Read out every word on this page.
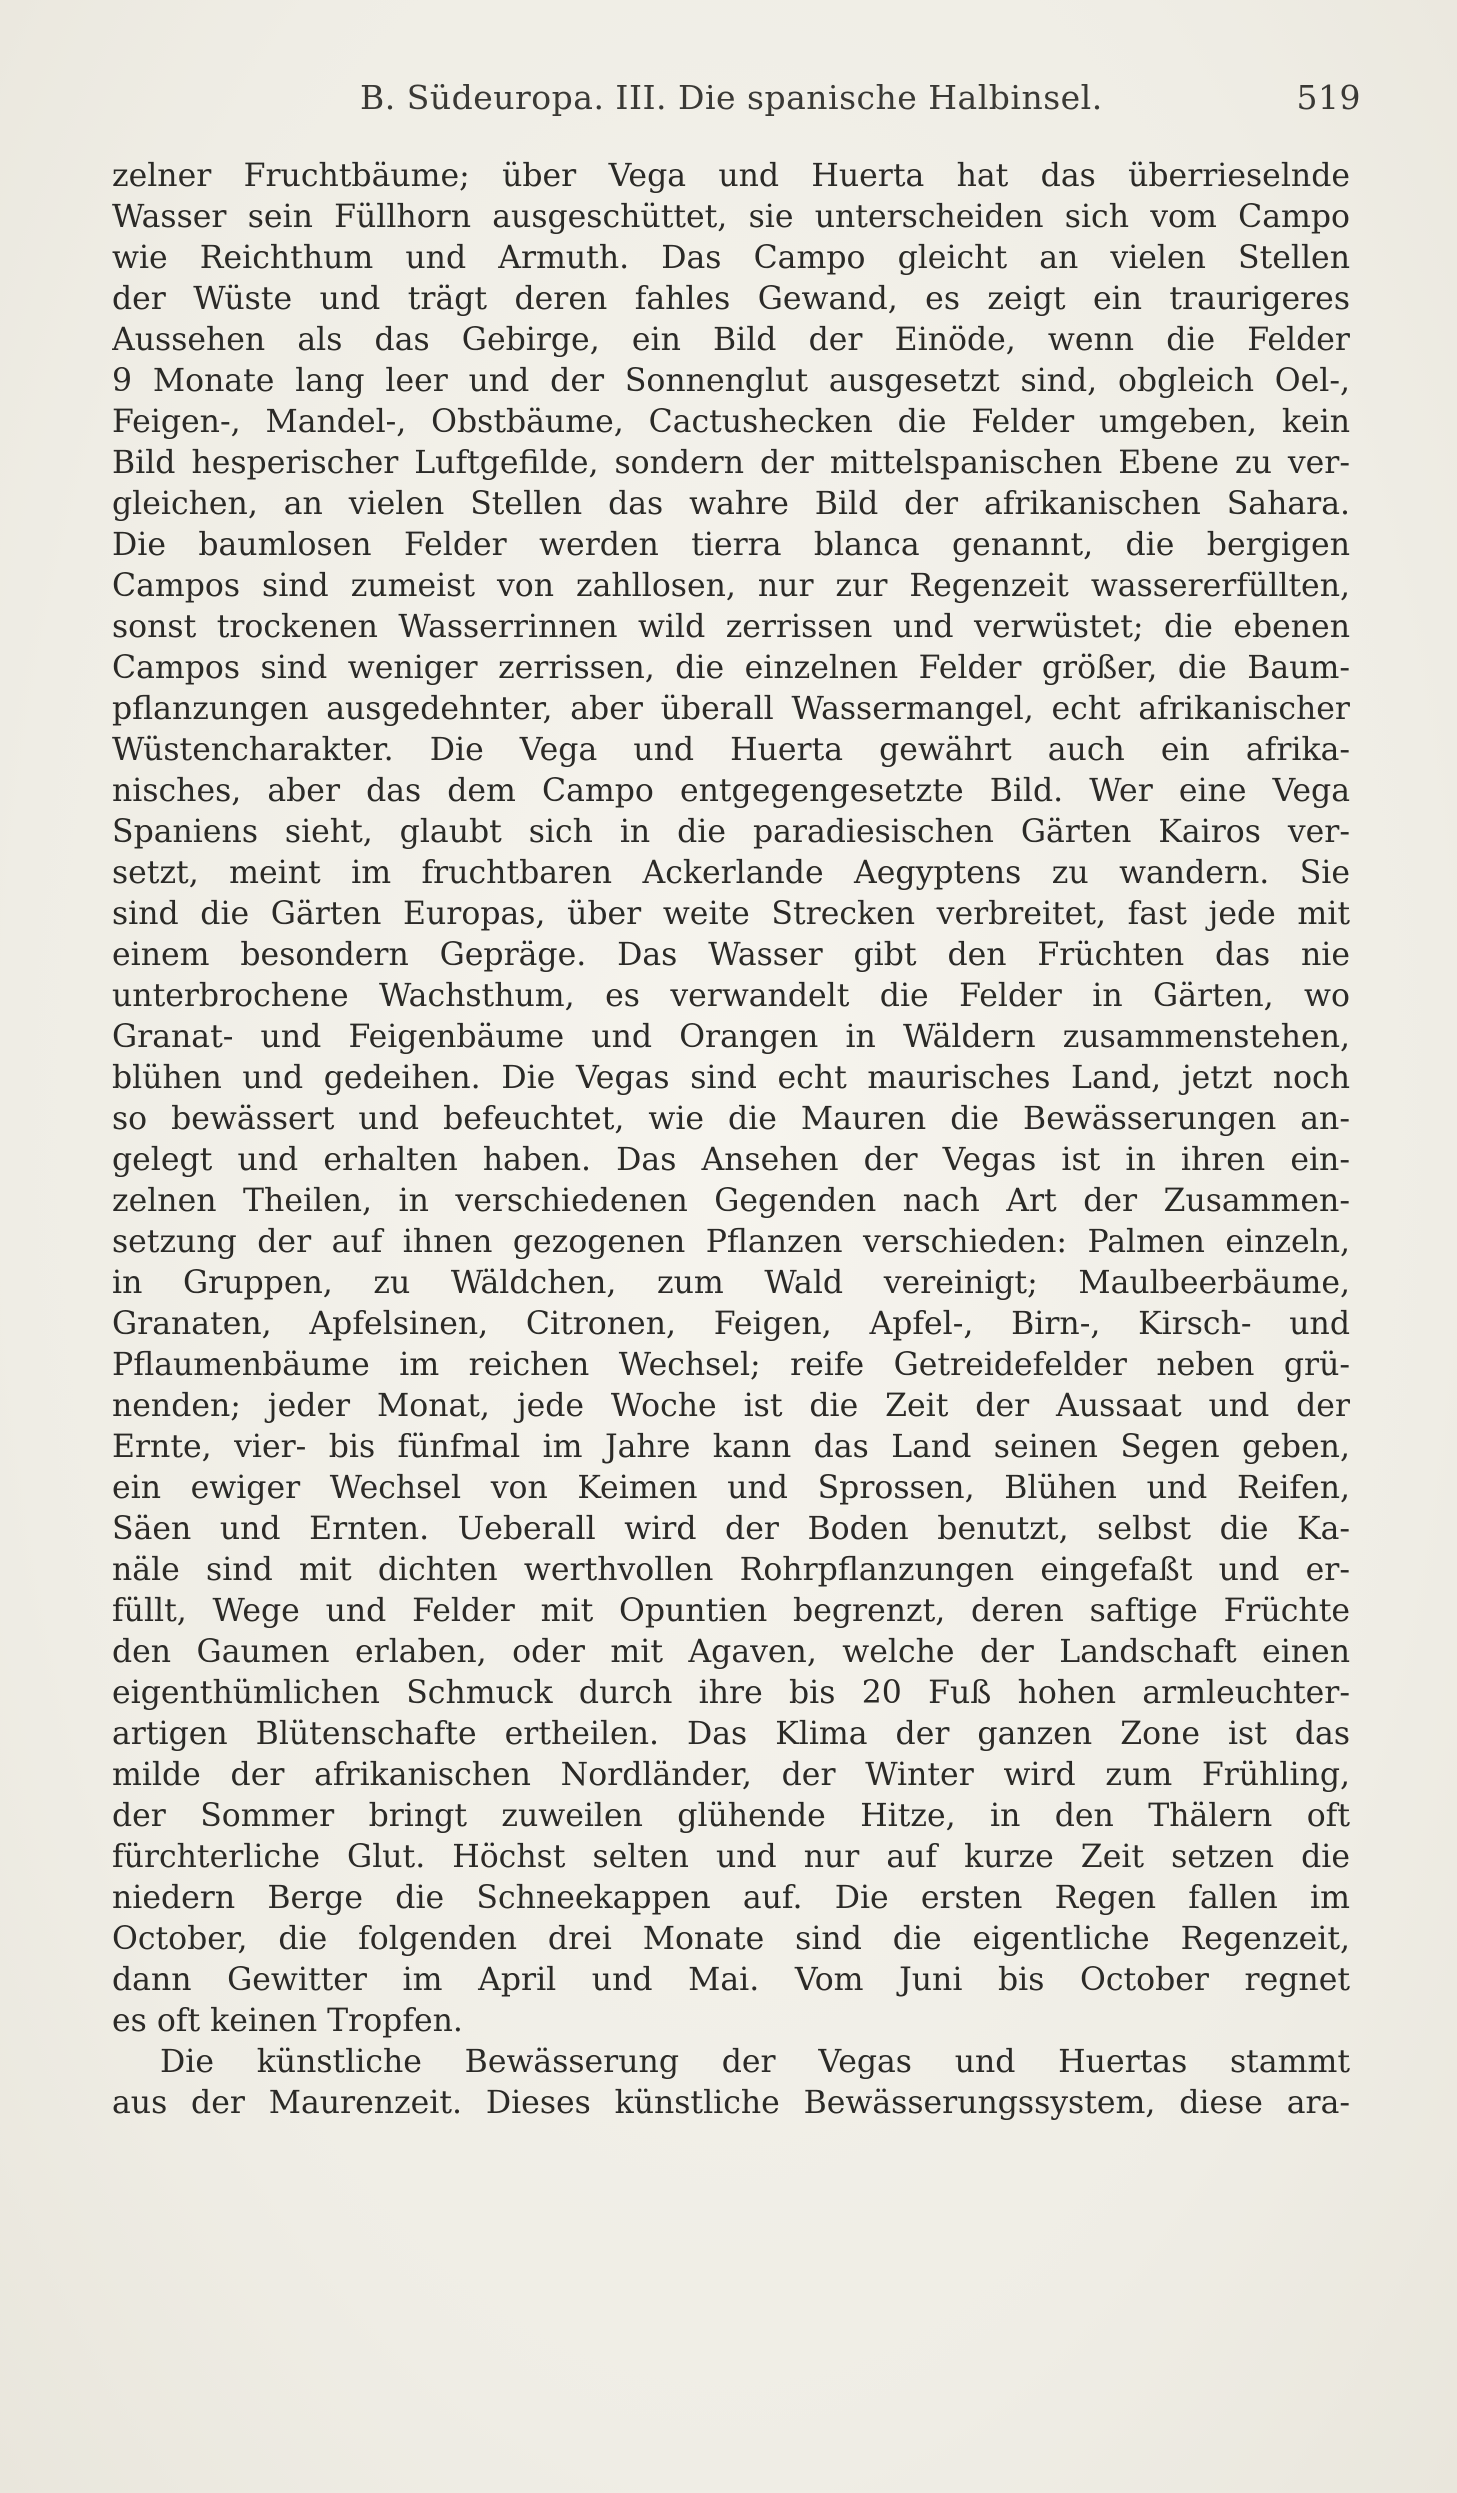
B. Südeuropa. III. Die spanische Halbinsel.	519
zelner Fruchtbäume; über Vega und Huerta hat das überrieselnde
Wasser sein Füllhorn ausgeschüttet, sie unterscheiden sich vom Campo
wie Reichthum und Armuth. Das Campo gleicht an vielen Stellen
der Wüste und trägt deren fahles Gewand, es zeigt ein traurigeres
Aussehen als das Gebirge, ein Bild der Einöde, wenn die Felder
9 Monate lang leer und der Sonnenglut ausgesetzt sind, obgleich Oel-,
Feigen-, Mandel-, Obstbäume, Cactushecken die Felder umgeben, kein
Bild hesperischer Luftgefilde, sondern der mittelspanischen Ebene zu ver-
gleichen, an vielen Stellen das wahre Bild der afrikanischen Sahara.
Die baumlosen Felder werden tierra blanca genannt, die bergigen
Campos sind zumeist von zahllosen, nur zur Regenzeit wassererfüllten,
sonst trockenen Wasserrinnen wild zerrissen und verwüstet; die ebenen
Campos sind weniger zerrissen, die einzelnen Felder größer, die Baum-
pflanzungen ausgedehnter, aber überall Wassermangel, echt afrikanischer
Wüstencharakter. Die Vega und Huerta gewährt auch ein afrika-
nisches, aber das dem Campo entgegengesetzte Bild. Wer eine Vega
Spaniens sieht, glaubt sich in die paradiesischen Gärten Kairos ver-
setzt, meint im fruchtbaren Ackerlande Aegyptens zu wandern. Sie
sind die Gärten Europas, über weite Strecken verbreitet, fast jede mit
einem besondern Gepräge. Das Wasser gibt den Früchten das nie
unterbrochene Wachsthum, es verwandelt die Felder in Gärten, wo
Granat- und Feigenbäume und Orangen in Wäldern zusammenstehen,
blühen und gedeihen. Die Vegas sind echt maurisches Land, jetzt noch
so bewässert und befeuchtet, wie die Mauren die Bewässerungen an-
gelegt und erhalten haben. Das Ansehen der Vegas ist in ihren ein-
zelnen Theilen, in verschiedenen Gegenden nach Art der Zusammen-
setzung der auf ihnen gezogenen Pflanzen verschieden: Palmen einzeln,
in Gruppen, zu Wäldchen, zum Wald vereinigt; Maulbeerbäume,
Granaten, Apfelsinen, Citronen, Feigen, Apfel-, Birn-, Kirsch- und
Pflaumenbäume im reichen Wechsel; reife Getreidefelder neben grü-
nenden; jeder Monat, jede Woche ist die Zeit der Aussaat und der
Ernte, vier- bis fünfmal im Jahre kann das Land seinen Segen geben,
ein ewiger Wechsel von Keimen und Sprossen, Blühen und Reifen,
Säen und Ernten. Ueberall wird der Boden benutzt, selbst die Ka-
näle sind mit dichten werthvollen Rohrpflanzungen eingefaßt und er-
füllt, Wege und Felder mit Opuntien begrenzt, deren saftige Früchte
den Gaumen erlaben, oder mit Agaven, welche der Landschaft einen
eigenthümlichen Schmuck durch ihre bis 20 Fuß hohen armleuchter-
artigen Blütenschafte ertheilen. Das Klima der ganzen Zone ist das
milde der afrikanischen Nordländer, der Winter wird zum Frühling,
der Sommer bringt zuweilen glühende Hitze, in den Thälern oft
fürchterliche Glut. Höchst selten und nur auf kurze Zeit setzen die
niedern Berge die Schneekappen auf. Die ersten Regen fallen im
October, die folgenden drei Monate sind die eigentliche Regenzeit,
dann Gewitter im April und Mai. Vom Juni bis October regnet
es oft keinen Tropfen.
Die künstliche Bewässerung der Vegas und Huertas stammt
aus der Maurenzeit. Dieses künstliche Bewässerungssystem, diese ara-
